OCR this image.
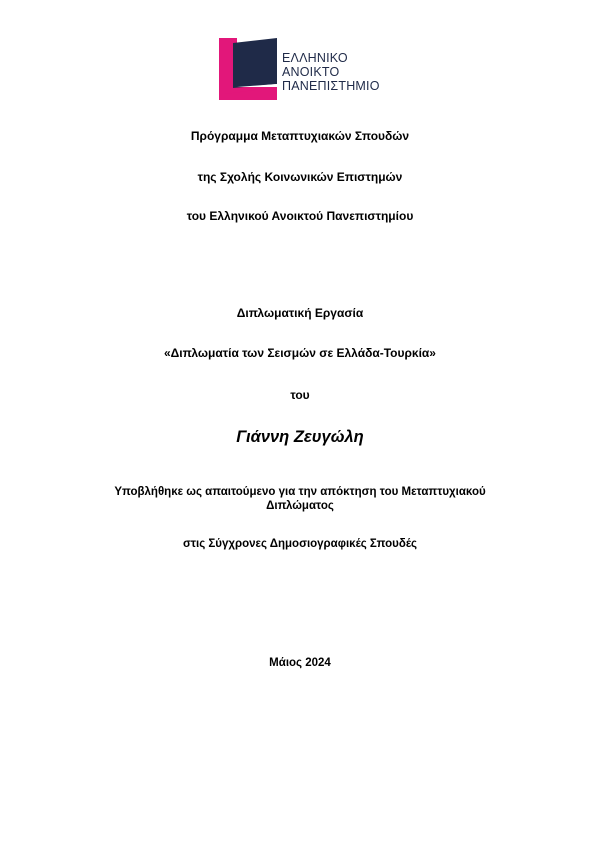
ΕΛΛΗΝΙΚΟ
ΑΝΟΙΚΤΟ
ΠΑΝΕΠΙΣΤΗΜΙΟ
Πρόγραμμα Μεταπτυχιακών Σπουδών
της Σχολής Κοινωνικών Επιστημών
του Ελληνικού Ανοικτού Πανεπιστημίου
Διπλωματική Εργασία
«Διπλωματία των Σεισμών σε Ελλάδα-Τουρκία»
του
Γιάννη Ζευγώλη
Υποβλήθηκε ως απαιτούμενο για την απόκτηση του Μεταπτυχιακού
Διπλώματος
στις Σύγχρονες Δημοσιογραφικές Σπουδές
Μάιος 2024
